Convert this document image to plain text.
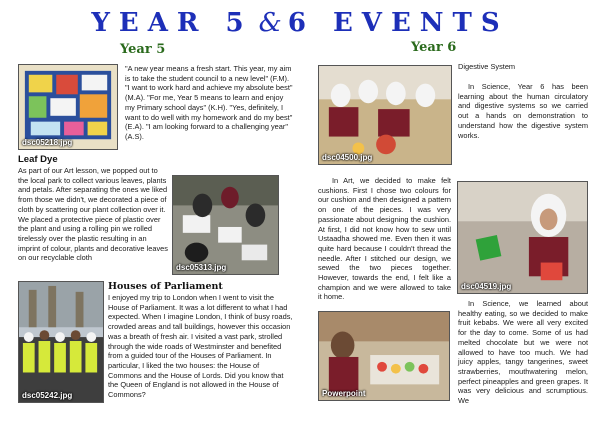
YEAR 5 & 6 EVENTS
Year 5
dsc05218.jpg
"A new year means a fresh start. This year, my aim is to take the student council to a new level" (F.M). "I want to work hard and achieve my absolute best" (M.A). "For me, Year 5 means to learn and enjoy my Primary school days" (K.H). "Yes, definitely, I want to do well with my homework and do my best" (E.A). "I am looking forward to a challenging year" (A.S).
Leaf Dye
As part of our Art lesson, we popped out to the local park to collect various leaves, plants and petals. After separating the ones we liked from those we didn't, we decorated a piece of cloth by scattering our plant collection over it. We placed a protective piece of plastic over the plant and using a rolling pin we rolled tirelessly over the plastic resulting in an imprint of colour, plants and decorative leaves on our recyclable cloth
dsc05313.jpg
dsc05242.jpg
Houses of Parliament
I enjoyed my trip to London when I went to visit the House of Parliament. It was a lot different to what I had expected. When I imagine London, I think of busy roads, crowded areas and tall buildings, however this occasion was a breath of fresh air. I visited a vast park, strolled through the wide roads of Westminster and benefited from a guided tour of the Houses of Parliament. In particular, I liked the two houses: the House of Commons and the House of Lords. Did you know that the Queen of England is not allowed in the House of Commons?
Year 6
dsc04500.jpg
Digestive System
In Science, Year 6 has been learning about the human circulatory and digestive systems so we carried out a hands on demonstration to understand how the digestive system works.
In Art, we decided to make felt cushions. First I chose two colours for our cushion and then designed a pattern on one of the pieces. I was very passionate about designing the cushion. At first, I did not know how to sew until Ustaadha showed me. Even then it was quite hard because I couldn't thread the needle. After I stitched our design, we sewed the two pieces together. However, towards the end, I felt like a champion and we were allowed to take it home.
dsc04519.jpg
Powerpoint
In Science, we learned about healthy eating, so we decided to make fruit kebabs. We were all very excited for the day to come. Some of us had melted chocolate but we were not allowed to have too much. We had juicy apples, tangy tangerines, sweet strawberries, mouthwatering melon, perfect pineapples and green grapes. It was very delicious and scrumptious. We
